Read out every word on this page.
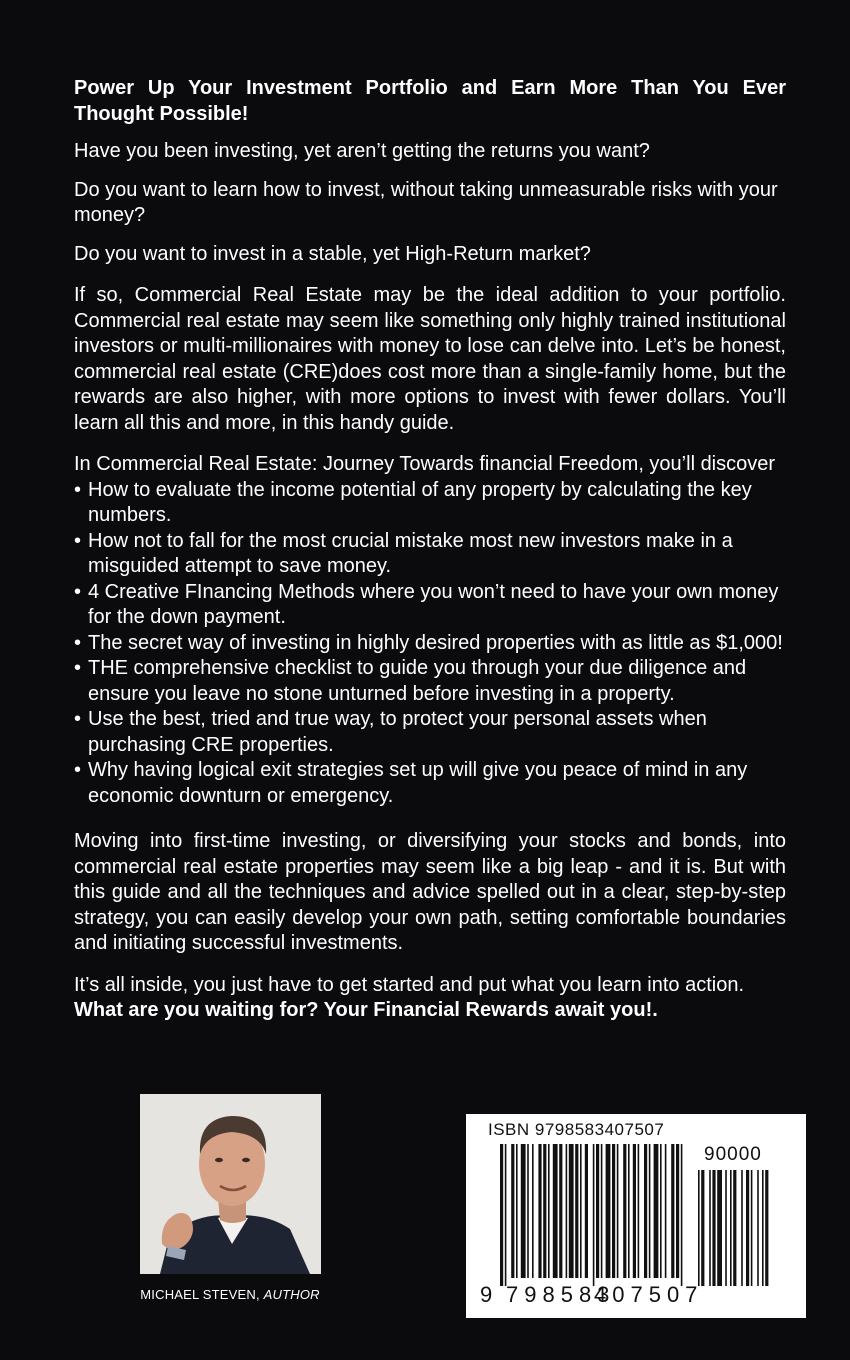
Power Up Your Investment Portfolio and Earn More Than You Ever Thought Possible!

Have you been investing, yet aren’t getting the returns you want?

Do you want to learn how to invest, without taking unmeasurable risks with your money?

Do you want to invest in a stable, yet High-Return market?

If so, Commercial Real Estate may be the ideal addition to your portfolio. Commercial real estate may seem like something only highly trained institutional investors or multi-millionaires with money to lose can delve into. Let’s be honest, commercial real estate (CRE)does cost more than a single-family home, but the rewards are also higher, with more options to invest with fewer dollars. You’ll learn all this and more, in this handy guide.

In Commercial Real Estate: Journey Towards financial Freedom, you’ll discover

• How to evaluate the income potential of any property by calculating the key numbers.
• How not to fall for the most crucial mistake most new investors make in a misguided attempt to save money.
• 4 Creative FInancing Methods where you won’t need to have your own money for the down payment.
• The secret way of investing in highly desired properties with as little as $1,000!
• THE comprehensive checklist to guide you through your due diligence and ensure you leave no stone unturned before investing in a property.
• Use the best, tried and true way, to protect your personal assets when purchasing CRE properties.
• Why having logical exit strategies set up will give you peace of mind in any economic downturn or emergency.

Moving into first-time investing, or diversifying your stocks and bonds, into commercial real estate properties may seem like a big leap - and it is. But with this guide and all the techniques and advice spelled out in a clear, step-by-step strategy, you can easily develop your own path, setting comfortable boundaries and initiating successful investments.

It’s all inside, you just have to get started and put what you learn into action.

What are you waiting for? Your Financial Rewards await you!.

MICHAEL STEVEN, AUTHOR
ISBN 9798583407507
90000
9 798583
407507
